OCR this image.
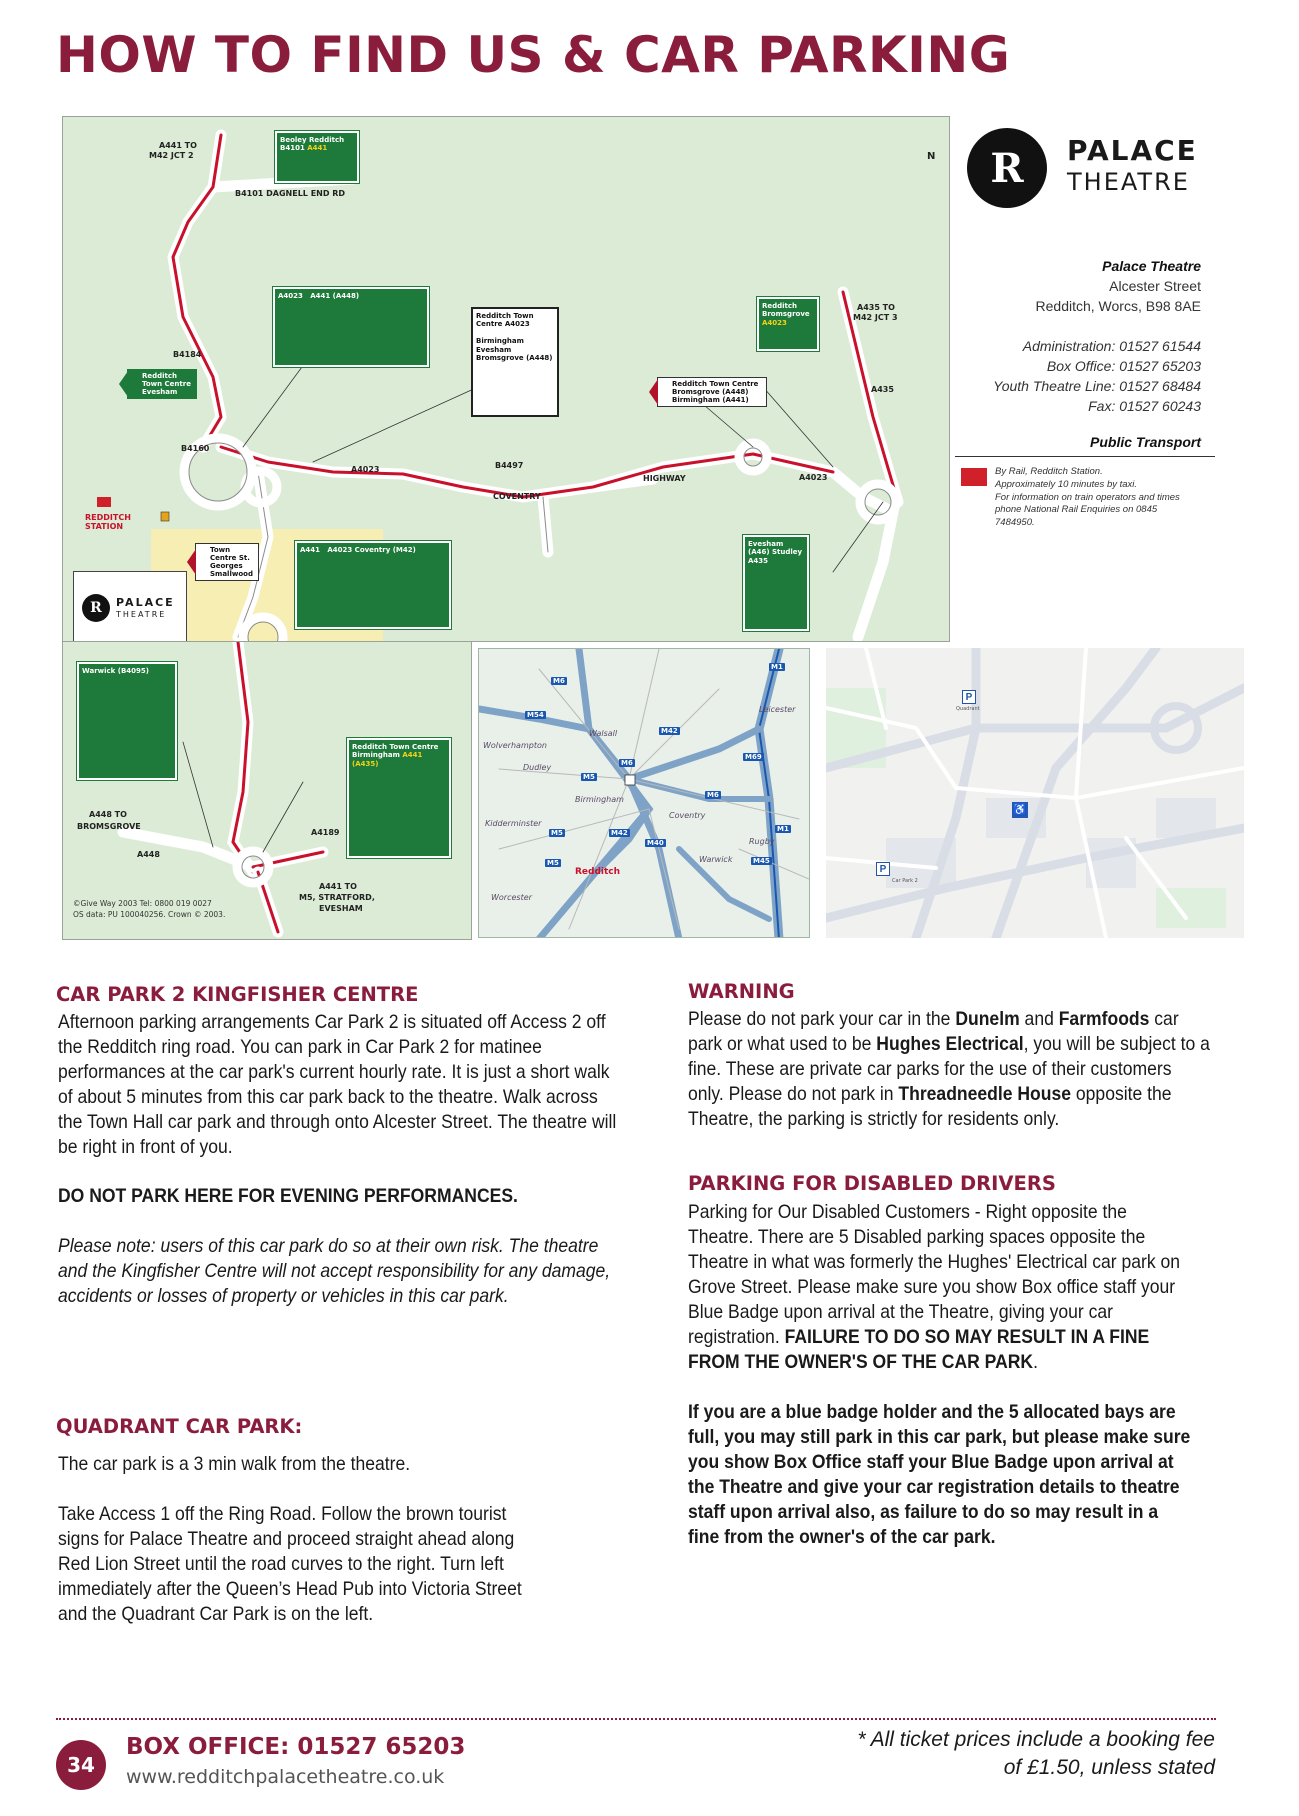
HOW TO FIND US & CAR PARKING
A441 TO
M42 JCT 2
B4101 DAGNELL END RD
B4184
B4160
A4023	B4497
COVENTRY
HIGHWAY	A4023
A435 TO
M42 JCT 3
A435
REDDITCH STATION
N
Beoley Redditch
B4101 A441
A4023   A441 (A448)
Redditch Town Centre A4023

Birmingham Evesham Bromsgrove (A448)
Redditch Bromsgrove A4023
Redditch Town Centre Bromsgrove (A448) Birmingham (A441)
Redditch Town Centre Evesham
Town Centre St. Georges Smallwood
A441   A4023 Coventry (M42)
Evesham (A46) Studley A435
R	PALACE
THEATRE
Warwick (B4095)
Redditch Town Centre Birmingham A441 (A435)
A448 TO
BROMSGROVE
A448
A4189
A441 TO
M5, STRATFORD,
EVESHAM
©Give Way 2003 Tel: 0800 019 0027
OS data: PU 100040256. Crown © 2003.
R	PALACE
THEATRE
Palace Theatre
Alcester Street
Redditch, Worcs, B98 8AE
Administration: 01527 61544
Box Office: 01527 65203
Youth Theatre Line: 01527 68484
Fax: 01527 60243
Public Transport
By Rail, Redditch Station.
Approximately 10 minutes by taxi.
For information on train operators and times phone National Rail Enquiries on 0845 7484950.
Wolverhampton
Walsall
Dudley
Birmingham
Kidderminster
Coventry
Warwick
Rugby
Leicester
Redditch
Worcester
M6
M54
M42
M6
M5
M6
M1
M69
M40
M5	M45
M1
M42
M5
P
Quadrant
♿
P
Car Park 2
CAR PARK 2 KINGFISHER CENTRE
Afternoon parking arrangements Car Park 2 is situated off Access 2 off the Redditch ring road. You can park in Car Park 2 for matinee performances at the car park's current hourly rate. It is just a short walk of about 5 minutes from this car park back to the theatre. Walk across the Town Hall car park and through onto Alcester Street. The theatre will be right in front of you.
DO NOT PARK HERE FOR EVENING PERFORMANCES.
Please note: users of this car park do so at their own risk. The theatre and the Kingfisher Centre will not accept responsibility for any damage, accidents or losses of property or vehicles in this car park.
QUADRANT CAR PARK:
The car park is a 3 min walk from the theatre.
Take Access 1 off the Ring Road. Follow the brown tourist signs for Palace Theatre and proceed straight ahead along Red Lion Street until the road curves to the right. Turn left immediately after the Queen’s Head Pub into Victoria Street and the Quadrant Car Park is on the left.
WARNING
Please do not park your car in the Dunelm and Farmfoods car park or what used to be Hughes Electrical, you will be subject to a fine. These are private car parks for the use of their customers only. Please do not park in Threadneedle House opposite the Theatre, the parking is strictly for residents only.
PARKING FOR DISABLED DRIVERS
Parking for Our Disabled Customers - Right opposite the Theatre. There are 5 Disabled parking spaces opposite the Theatre in what was formerly the Hughes' Electrical car park on Grove Street. Please make sure you show Box office staff your Blue Badge upon arrival at the Theatre, giving your car registration. FAILURE TO DO SO MAY RESULT IN A FINE FROM THE OWNER'S OF THE CAR PARK.
If you are a blue badge holder and the 5 allocated bays are full, you may still park in this car park, but please make sure you show Box Office staff your Blue Badge upon arrival at the Theatre and give your car registration details to theatre staff upon arrival also, as failure to do so may result in a fine from the owner's of the car park.
34
BOX OFFICE: 01527 65203
www.redditchpalacetheatre.co.uk
* All ticket prices include a booking fee
of £1.50, unless stated
